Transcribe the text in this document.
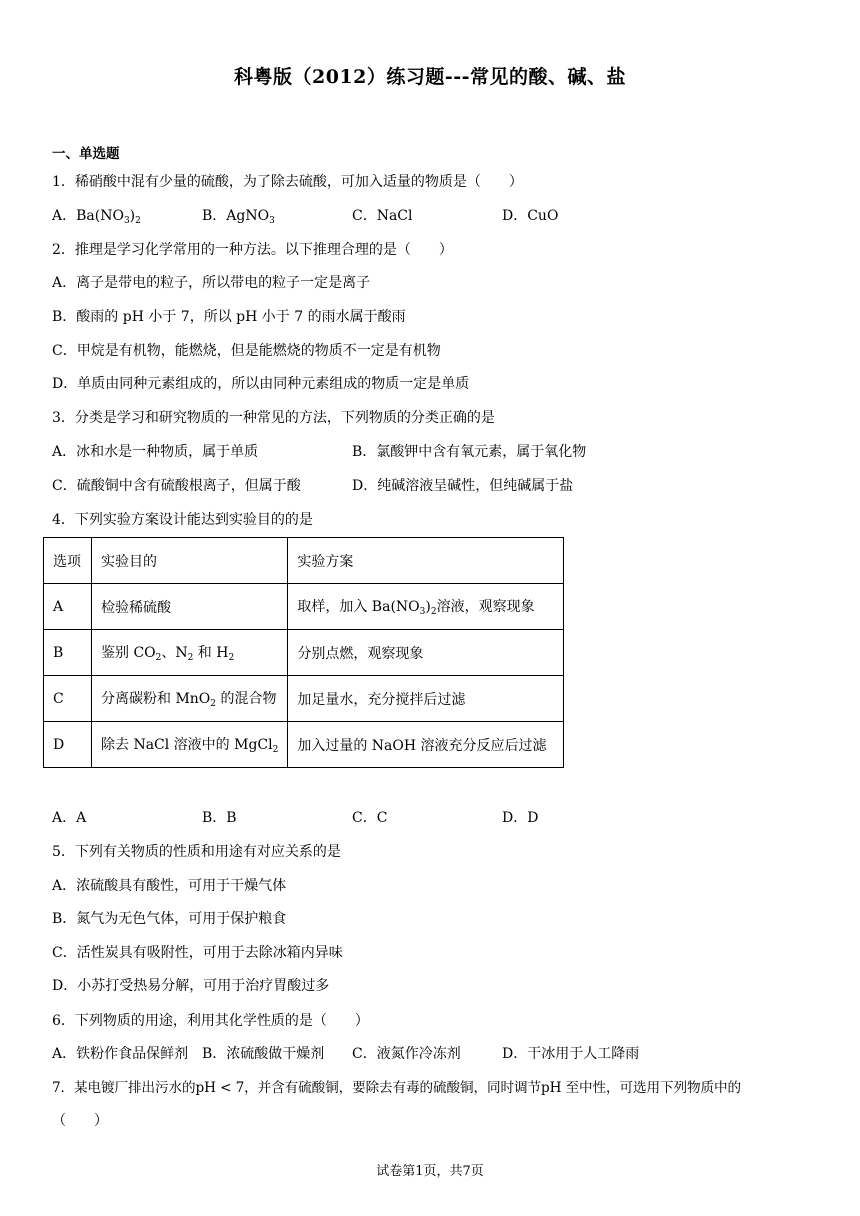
科粤版（2012）练习题---常见的酸、碱、盐
一、单选题
1．稀硝酸中混有少量的硫酸，为了除去硫酸，可加入适量的物质是（　　）
A．$Ba(NO_3)_2$	B．AgNO$_3$	C．NaCl	D．CuO
2．推理是学习化学常用的一种方法。以下推理合理的是（　　）
A．离子是带电的粒子，所以带电的粒子一定是离子
B．酸雨的 pH 小于 7，所以 pH 小于 7 的雨水属于酸雨
C．甲烷是有机物，能燃烧，但是能燃烧的物质不一定是有机物
D．单质由同种元素组成的，所以由同种元素组成的物质一定是单质
3．分类是学习和研究物质的一种常见的方法，下列物质的分类正确的是
A．冰和水是一种物质，属于单质	B．氯酸钾中含有氧元素，属于氧化物
C．硫酸铜中含有硫酸根离子，但属于酸	D．纯碱溶液呈碱性，但纯碱属于盐
4．下列实验方案设计能达到实验目的的是
选项	实验目的	实验方案
A	检验稀硫酸	取样，加入 $Ba(NO_3)_2$溶液，观察现象
B	鉴别 $CO_2$、$N_2$ 和 $H_2$	分别点燃，观察现象
C	分离碳粉和 MnO$_2$ 的混合物	加足量水，充分搅拌后过滤
D	除去 NaCl 溶液中的 MgCl$_2$	加入过量的 NaOH 溶液充分反应后过滤
A．A	B．B	C．C	D．D
5．下列有关物质的性质和用途有对应关系的是
A．浓硫酸具有酸性，可用于干燥气体
B．氮气为无色气体，可用于保护粮食
C．活性炭具有吸附性，可用于去除冰箱内异味
D．小苏打受热易分解，可用于治疗胃酸过多
6．下列物质的用途，利用其化学性质的是（　　）
A．铁粉作食品保鲜剂 B．浓硫酸做干燥剂 C．液氮作冷冻剂	D．干冰用于人工降雨
7．某电镀厂排出污水的pH < 7，并含有硫酸铜，要除去有毒的硫酸铜，同时调节pH 至中性，可选用下列物质中的
（　　）
试卷第1页，共7页
